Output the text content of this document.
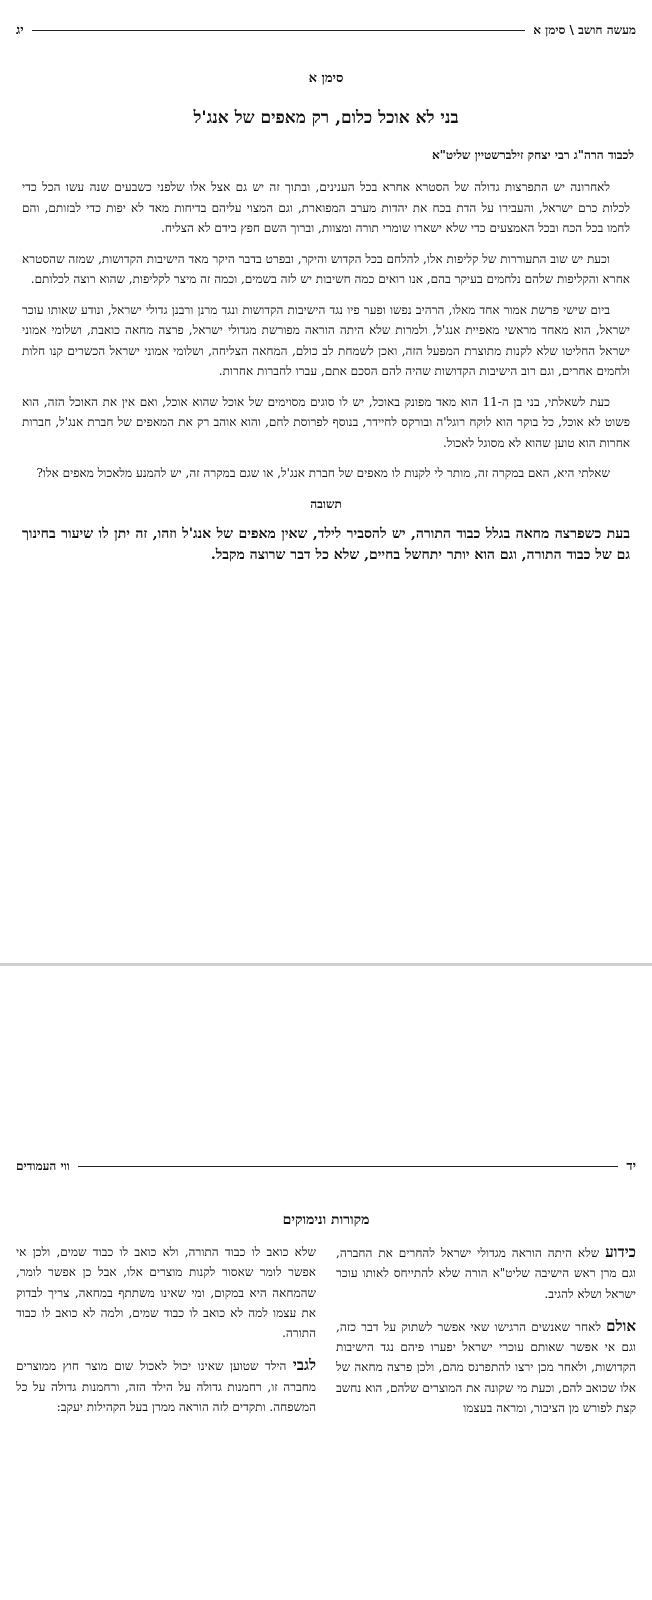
מעשה חושב \ סימן א
יג
סימן א
בני לא אוכל כלום, רק מאפים של אנג'ל
לכבוד הרה"ג רבי יצחק זילברשטיין שליט"א

לאחרונה יש התפרצות גדולה של הסטרא אחרא בכל הענינים, ובתוך זה יש גם אצל אלו שלפני כשבעים שנה עשו הכל כדי לכלות כרם ישראל, והעבירו על הדת בכח את יהדות מערב המפוארת, וגם המצוי עליהם בדיחות מאד לא יפות כדי לבזותם, והם לחמו בכל הכח ובכל האמצעים כדי שלא ישארו שומרי תורה ומצוות, וברוך השם חפץ בידם לא הצליח.

וכעת יש שוב התעוררות של קליפות אלו, להלחם בכל הקדוש והיקר, ובפרט בדבר היקר מאד הישיבות הקדושות, שמזה שהסטרא אחרא והקליפות שלהם נלחמים בעיקר בהם, אנו רואים כמה חשיבות יש לזה בשמים, וכמה זה מיצר לקליפות, שהוא רוצה לכלותם.

ביום שישי פרשת אמור אחד מאלו, הרהיב נפשו ופער פיו נגד הישיבות הקדושות ונגד מרנן ורבנן גדולי ישראל, ונודע שאותו עוכר ישראל, הוא מאחד מראשי מאפיית אנג'ל, ולמרות שלא היתה הוראה מפורשת מגדולי ישראל, פרצה מחאה כואבת, ושלומי אמוני ישראל החליטו שלא לקנות מתוצרת המפעל הזה, ואכן לשמחת לב כולם, המחאה הצליחה, ושלומי אמוני ישראל הכשרים קנו חלות ולחמים אחרים, וגם רוב הישיבות הקדושות שהיה להם הסכם אתם, עברו לחברות אחרות.

כעת לשאלתי, בני בן ה-11 הוא מאד מפונק באוכל, יש לו סוגים מסוימים של אוכל שהוא אוכל, ואם אין את האוכל הזה, הוא פשוט לא אוכל, כל בוקר הוא לוקח רוגל'ה ובורקס לחיידר, בנוסף לפרוסת לחם, והוא אוהב רק את המאפים של חברת אנג'ל, חברות אחרות הוא טוען שהוא לא מסוגל לאכול.

שאלתי היא, האם במקרה זה, מותר לי לקנות לו מאפים של חברת אנג'ל, או שגם במקרה זה, יש להמנע מלאכול מאפים אלו?

תשובה

בעת כשפרצה מחאה בגלל כבוד התורה, יש להסביר לילד, שאין מאפים של אנג'ל וזהו, זה יתן לו שיעור בחינוך גם של כבוד התורה, וגם הוא יותר יתחשל בחיים, שלא כל דבר שרוצה מקבל.

יד
ווי העמודים
מקורות ונימוקים

כידוע שלא היתה הוראה מגדולי ישראל להחרים את החברה, וגם מרן ראש הישיבה שליט"א הורה שלא להתייחס לאותו עוכר ישראל ושלא להגיב.

אולם לאחר שאנשים הרגישו שאי אפשר לשתוק על דבר כזה, וגם אי אפשר שאותם עוכרי ישראל יפערו פיהם נגד הישיבות הקדושות, ולאחר מכן ירצו להתפרנס מהם, ולכן פרצה מחאה של אלו שכואב להם, וכעת מי שקונה את המוצרים שלהם, הוא נחשב קצת לפורש מן הציבור, ומראה בעצמו

שלא כואב לו כבוד התורה, ולא כואב לו כבוד שמים, ולכן אי אפשר לומר שאסור לקנות מוצרים אלו, אבל כן אפשר לומר, שהמחאה היא במקום, ומי שאינו משתתף במחאה, צריך לבדוק את עצמו למה לא כואב לו כבוד שמים, ולמה לא כואב לו כבוד התורה.

לגבי הילד שטוען שאינו יכול לאכול שום מוצר חוץ ממוצרים מחברה זו, רחמנות גדולה על הילד הזה, ורחמנות גדולה על כל המשפחה. ותקדים לזה הוראה ממרן בעל הקהילות יעקב:
